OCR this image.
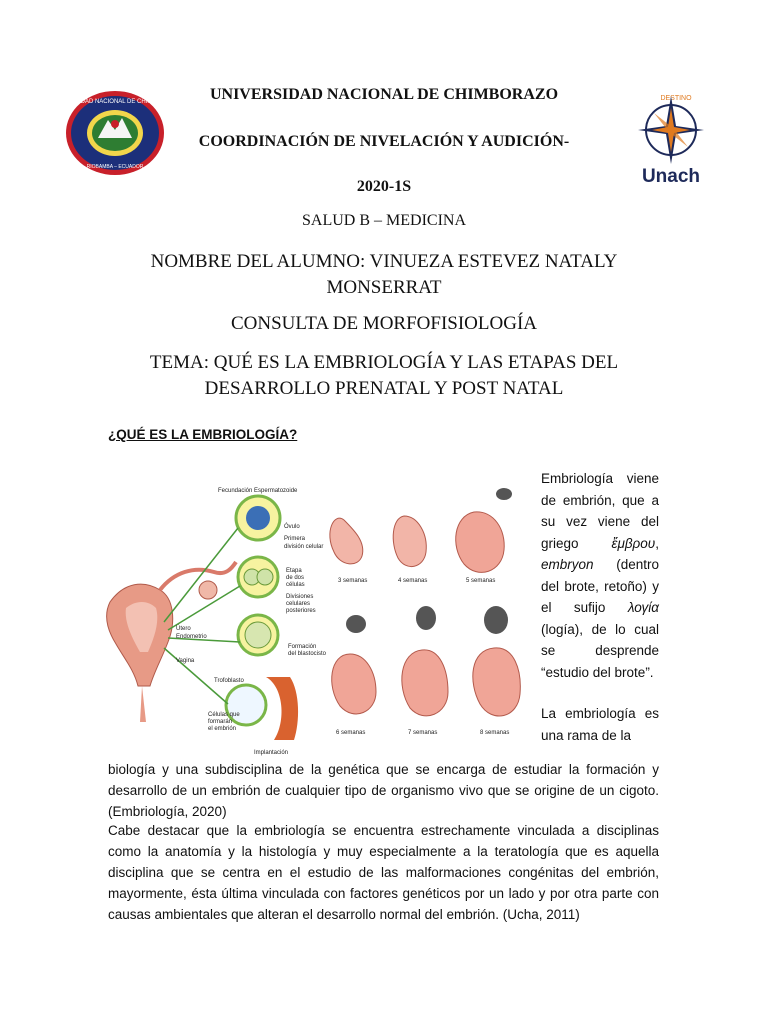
UNIVERSIDAD NACIONAL DE CHIMBORAZO
RIOBAMBA – ECUADOR
DESTINO
Unach
UNIVERSIDAD NACIONAL DE CHIMBORAZO
COORDINACIÓN DE NIVELACIÓN Y AUDICIÓN-
2020-1S
SALUD B – MEDICINA
NOMBRE DEL ALUMNO: VINUEZA ESTEVEZ NATALY
MONSERRAT
CONSULTA DE MORFOFISIOLOGÍA
TEMA: QUÉ ES LA EMBRIOLOGÍA Y LAS ETAPAS DEL
DESARROLLO PRENATAL Y POST NATAL
¿QUÉ ES LA EMBRIOLOGÍA?
Fecundación Espermatozoide
Óvulo
Primera
división celular
Etapa
de dos
células
Divisiones
celulares
posteriores
Formación
del blastocisto
Trofoblasto
Útero
Endometrio
Vagina
Células que
formarán
el embrión
Implantación
3 semanas	4 semanas	5 semanas
6 semanas	7 semanas	8 semanas
Embriología viene de embrión, que a su vez viene del griego ἔμβρου, embryon (dentro del brote, retoño) y el sufijo λογία (logía), de lo cual se desprende “estudio del brote”.
La embriología es una rama de la
biología y una subdisciplina de la genética que se encarga de estudiar la formación y desarrollo de un embrión de cualquier tipo de organismo vivo que se origine de un cigoto. (Embriología, 2020)
Cabe destacar que la embriología se encuentra estrechamente vinculada a disciplinas como la anatomía y la histología y muy especialmente a la teratología que es aquella disciplina que se centra en el estudio de las malformaciones congénitas del embrión, mayormente, ésta última vinculada con factores genéticos por un lado y por otra parte con causas ambientales que alteran el desarrollo normal del embrión. (Ucha, 2011)
